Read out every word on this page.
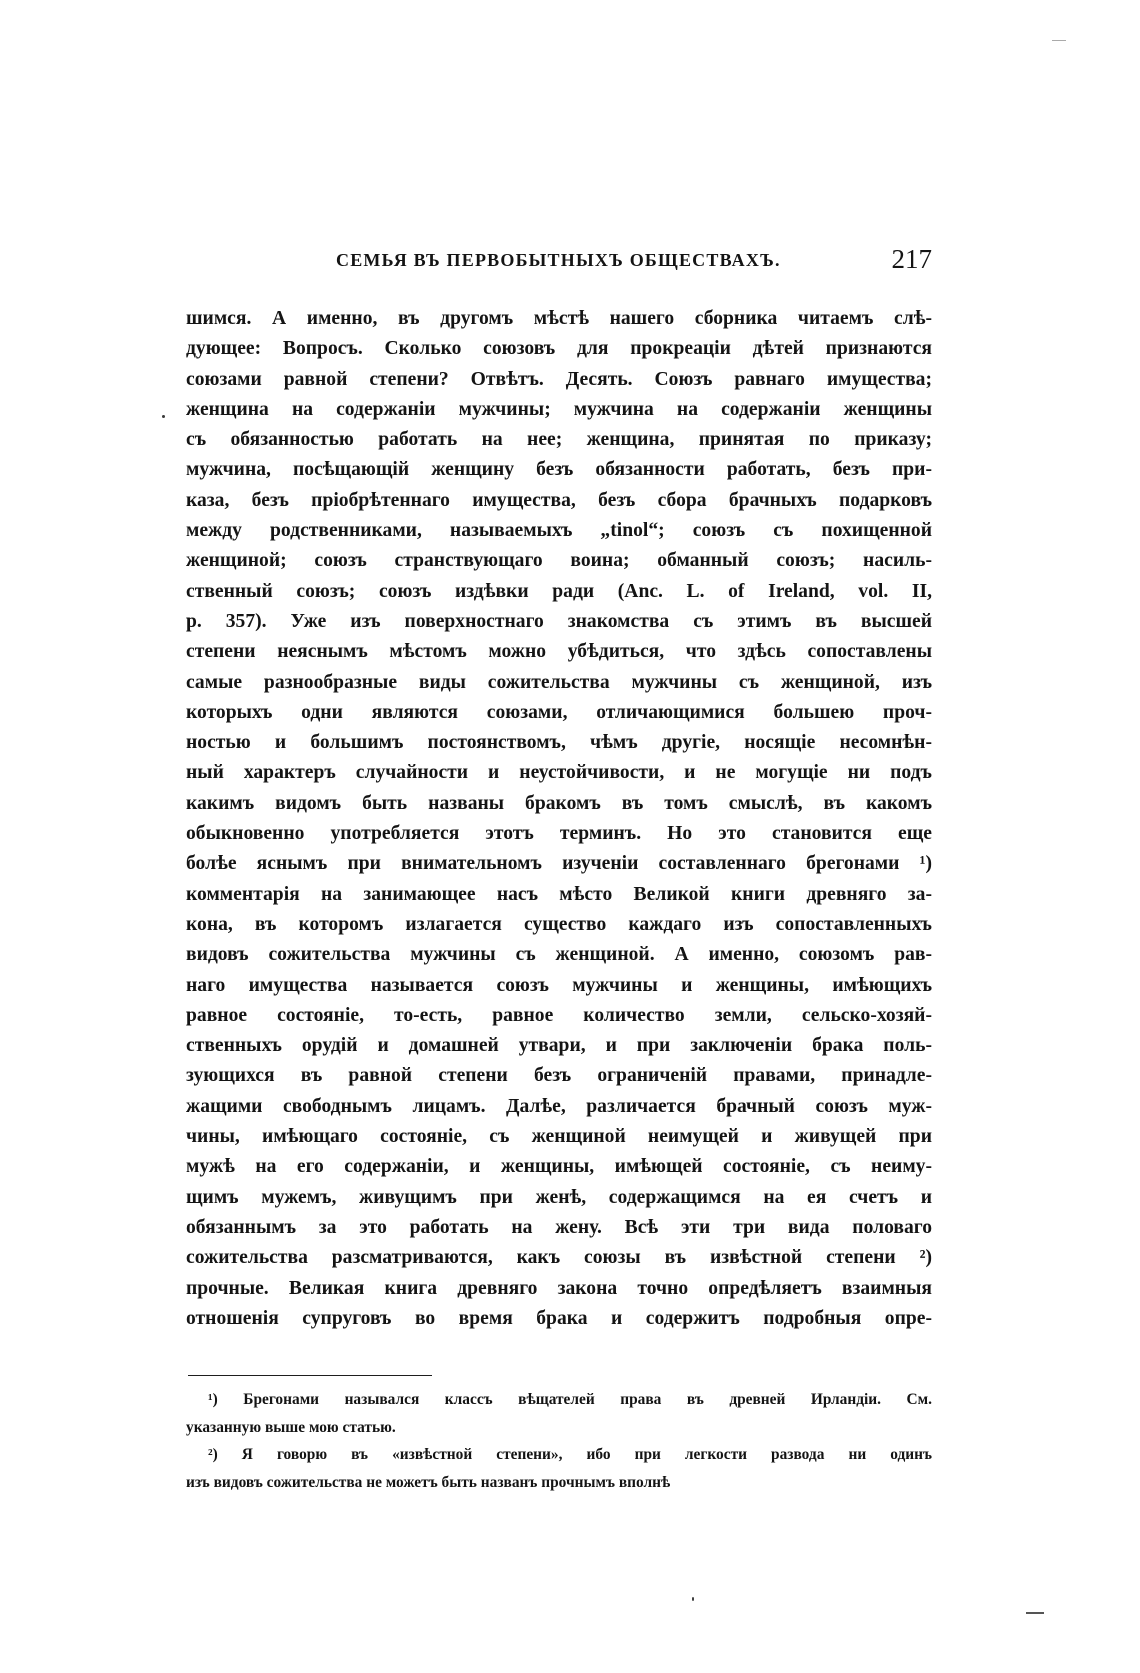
СЕМЬЯ ВЪ ПЕРВОБЫТНЫХЪ ОБЩЕСТВАХЪ.	217
шимся. А именно, въ другомъ мѣстѣ нашего сборника читаемъ слѣ-
дующее: Вопросъ. Сколько союзовъ для прокреаціи дѣтей признаются
союзами равной степени? Отвѣтъ. Десять. Союзъ равнаго имущества;
женщина на содержаніи мужчины; мужчина на содержаніи женщины
съ обязанностью работать на нее; женщина, принятая по приказу;
мужчина, посѣщающій женщину безъ обязанности работать, безъ при-
каза, безъ пріобрѣтеннаго имущества, безъ сбора брачныхъ подарковъ
между родственниками, называемыхъ „tinol“; союзъ съ похищенной
женщиной; союзъ странствующаго воина; обманный союзъ; насиль-
ственный союзъ; союзъ издѣвки ради (Anc. L. of Ireland, vol. II,
р. 357). Уже изъ поверхностнаго знакомства съ этимъ въ высшей
степени неяснымъ мѣстомъ можно убѣдиться, что здѣсь сопоставлены
самые разнообразные виды сожительства мужчины съ женщиной, изъ
которыхъ одни являются союзами, отличающимися большею проч-
ностью и большимъ постоянствомъ, чѣмъ другіе, носящіе несомнѣн-
ный характеръ случайности и неустойчивости, и не могущіе ни подъ
какимъ видомъ быть названы бракомъ въ томъ смыслѣ, въ какомъ
обыкновенно употребляется этотъ терминъ. Но это становится еще
болѣе яснымъ при внимательномъ изученіи составленнаго брегонами ¹)
комментарія на занимающее насъ мѣсто Великой книги древняго за-
кона, въ которомъ излагается существо каждаго изъ сопоставленныхъ
видовъ сожительства мужчины съ женщиной. А именно, союзомъ рав-
наго имущества называется союзъ мужчины и женщины, имѣющихъ
равное состояніе, то-есть, равное количество земли, сельско-хозяй-
ственныхъ орудій и домашней утвари, и при заключеніи брака поль-
зующихся въ равной степени безъ ограниченій правами, принадле-
жащими свободнымъ лицамъ. Далѣе, различается брачный союзъ муж-
чины, имѣющаго состояніе, съ женщиной неимущей и живущей при
мужѣ на его содержаніи, и женщины, имѣющей состояніе, съ неиму-
щимъ мужемъ, живущимъ при женѣ, содержащимся на ея счетъ и
обязаннымъ за это работать на жену. Всѣ эти три вида половаго
сожительства разсматриваются, какъ союзы въ извѣстной степени ²)
прочные. Великая книга древняго закона точно опредѣляетъ взаимныя
отношенія супруговъ во время брака и содержитъ подробныя опре-
¹) Брегонами назывался классъ вѣщателей права въ древней Ирландіи. См.
указанную выше мою статью.
²) Я говорю въ «извѣстной степени», ибо при легкости развода ни одинъ
изъ видовъ сожительства не можетъ быть названъ прочнымъ вполнѣ
